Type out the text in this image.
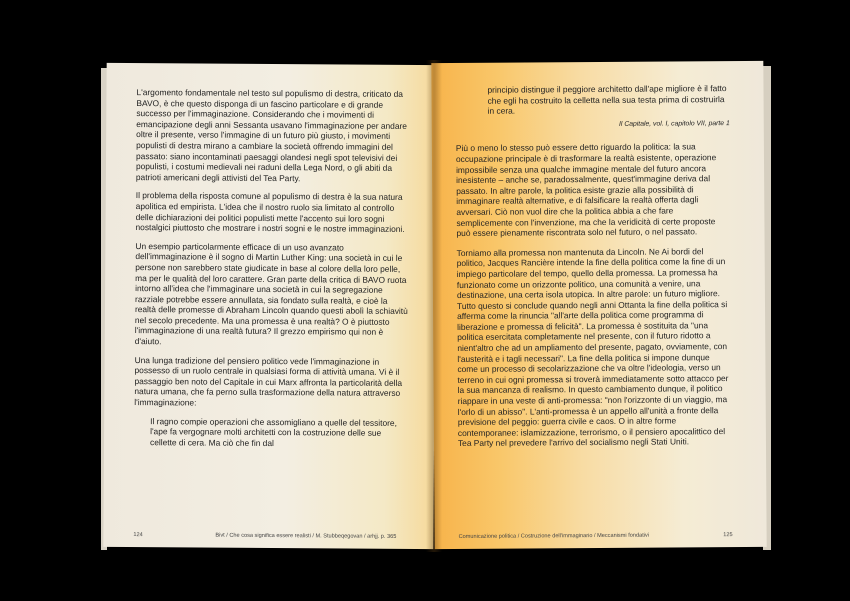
L'argomento fondamentale nel testo sul populismo di destra, criticato da BAVO, è che questo disponga di un fascino particolare e di grande successo per l'immaginazione. Considerando che i movimenti di emancipazione degli anni Sessanta usavano l'immaginazione per andare oltre il presente, verso l'immagine di un futuro più giusto, i movimenti populisti di destra mirano a cambiare la società offrendo immagini del passato: siano incontaminati paesaggi olandesi negli spot televisivi dei populisti, i costumi medievali nei raduni della Lega Nord, o gli abiti da patrioti americani degli attivisti del Tea Party.

Il problema della risposta comune al populismo di destra è la sua natura apolitica ed empirista. L'idea che il nostro ruolo sia limitato al controllo delle dichiarazioni dei politici populisti mette l'accento sui loro sogni nostalgici piuttosto che mostrare i nostri sogni e le nostre immaginazioni.

Un esempio particolarmente efficace di un uso avanzato dell'immaginazione è il sogno di Martin Luther King: una società in cui le persone non sarebbero state giudicate in base al colore della loro pelle, ma per le qualità del loro carattere. Gran parte della critica di BAVO ruota intorno all'idea che l'immaginare una società in cui la segregazione razziale potrebbe essere annullata, sia fondato sulla realtà, e cioè la realtà delle promesse di Abraham Lincoln quando questi abolì la schiavitù nel secolo precedente. Ma una promessa è una realtà? O è piuttosto l'immaginazione di una realtà futura? Il grezzo empirismo qui non è d'aiuto.

Una lunga tradizione del pensiero politico vede l'immaginazione in possesso di un ruolo centrale in qualsiasi forma di attività umana. Vi è il passaggio ben noto del Capitale in cui Marx affronta la particolarità della natura umana, che fa perno sulla trasformazione della natura attraverso l'immaginazione:

Il ragno compie operazioni che assomigliano a quelle del tessitore, l'ape fa vergognare molti architetti con la costruzione delle sue cellette di cera. Ma ciò che fin dal

124	Bivt / Che cosa significa essere realisti / M. Stubbeqegovan / arhjj. p. 365

principio distingue il peggiore architetto dall'ape migliore è il fatto che egli ha costruito la celletta nella sua testa prima di costruirla in cera.

Il Capitale, vol. I, capitolo VII, parte 1

Più o meno lo stesso può essere detto riguardo la politica: la sua occupazione principale è di trasformare la realtà esistente, operazione impossibile senza una qualche immagine mentale del futuro ancora inesistente – anche se, paradossalmente, quest'immagine deriva dal passato. In altre parole, la politica esiste grazie alla possibilità di immaginare realtà alternative, e di falsificare la realtà offerta dagli avversari. Ciò non vuol dire che la politica abbia a che fare semplicemente con l'invenzione, ma che la veridicità di certe proposte può essere pienamente riscontrata solo nel futuro, o nel passato.

Torniamo alla promessa non mantenuta da Lincoln. Ne Ai bordi del politico, Jacques Rancière intende la fine della politica come la fine di un impiego particolare del tempo, quello della promessa. La promessa ha funzionato come un orizzonte politico, una comunità a venire, una destinazione, una certa isola utopica. In altre parole: un futuro migliore. Tutto questo si conclude quando negli anni Ottanta la fine della politica si afferma come la rinuncia "all'arte della politica come programma di liberazione e promessa di felicità". La promessa è sostituita da "una politica esercitata completamente nel presente, con il futuro ridotto a nient'altro che ad un ampliamento del presente, pagato, ovviamente, con l'austerità e i tagli necessari". La fine della politica si impone dunque come un processo di secolarizzazione che va oltre l'ideologia, verso un terreno in cui ogni promessa si troverà immediatamente sotto attacco per la sua mancanza di realismo. In questo cambiamento dunque, il politico riappare in una veste di anti-promessa: "non l'orizzonte di un viaggio, ma l'orlo di un abisso". L'anti-promessa è un appello all'unità a fronte della previsione del peggio: guerra civile e caos. O in altre forme contemporanee: islamizzazione, terrorismo, o il pensiero apocalittico del Tea Party nel prevedere l'arrivo del socialismo negli Stati Uniti.

Comunicazione politica / Costruzione dell'immaginario / Meccanismi fondativi	125
